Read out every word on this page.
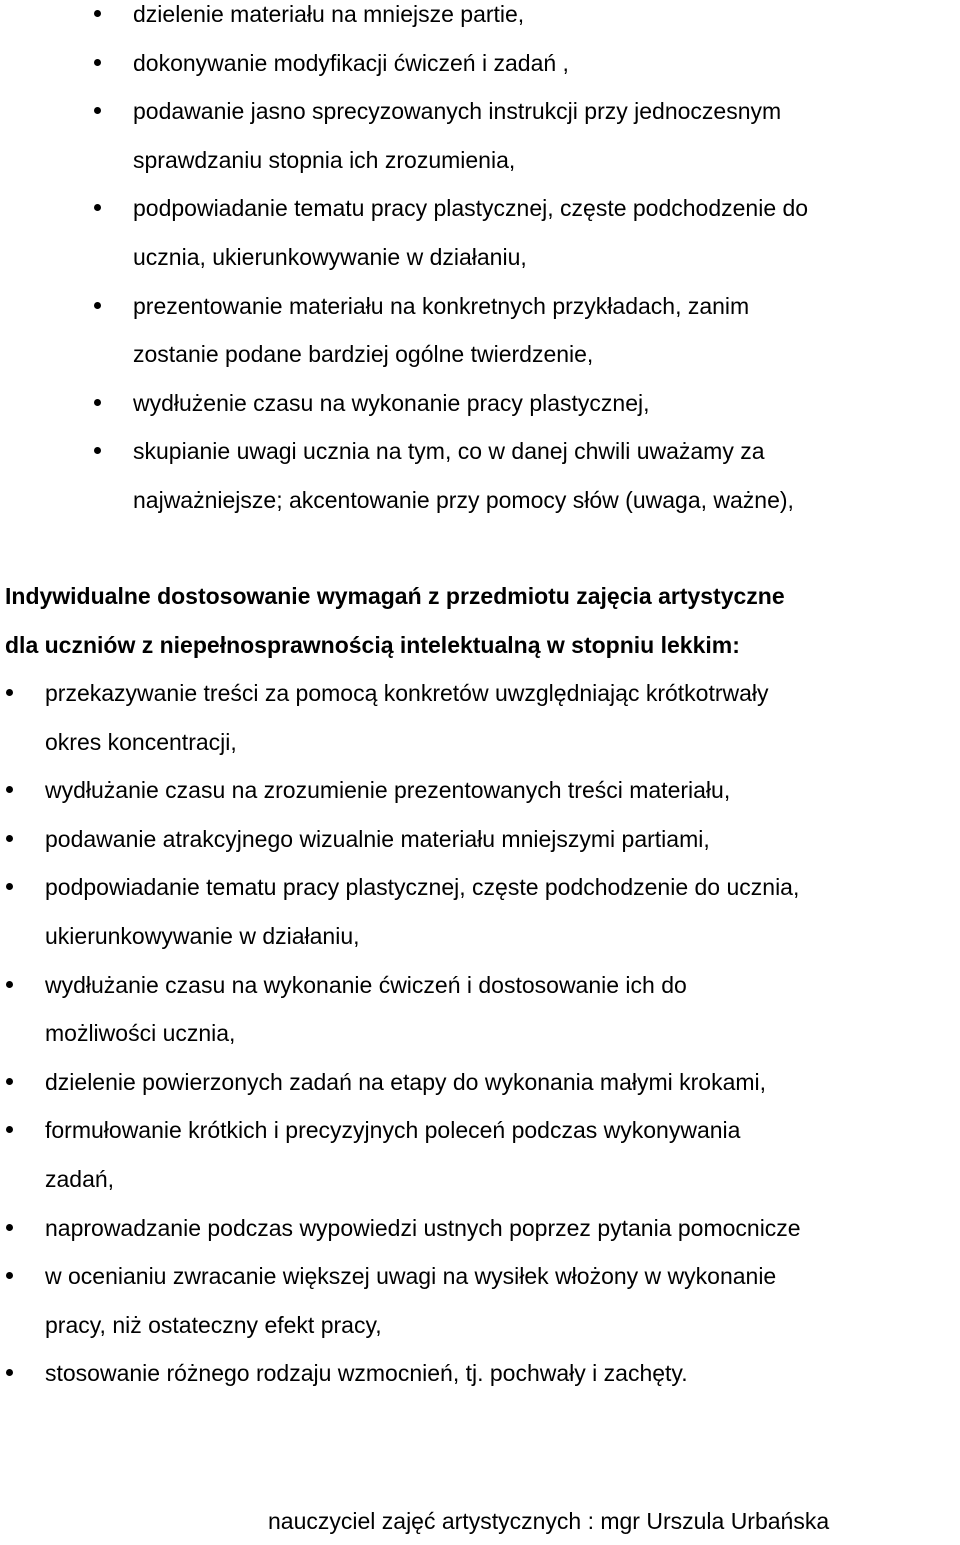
dzielenie materiału na mniejsze partie,
dokonywanie modyfikacji ćwiczeń i zadań ,
podawanie jasno sprecyzowanych instrukcji przy jednoczesnym
sprawdzaniu stopnia ich zrozumienia,
podpowiadanie tematu pracy plastycznej, częste podchodzenie do
ucznia, ukierunkowywanie w działaniu,
prezentowanie materiału na konkretnych przykładach, zanim
zostanie podane bardziej ogólne twierdzenie,
wydłużenie czasu na wykonanie pracy plastycznej,
skupianie uwagi ucznia na tym, co w danej chwili uważamy za
najważniejsze; akcentowanie przy pomocy słów (uwaga, ważne),
Indywidualne dostosowanie wymagań z przedmiotu zajęcia artystyczne
dla uczniów z niepełnosprawnością intelektualną w stopniu lekkim:
przekazywanie treści za pomocą konkretów uwzględniając krótkotrwały
okres koncentracji,
wydłużanie czasu na zrozumienie prezentowanych treści materiału,
podawanie atrakcyjnego wizualnie materiału mniejszymi partiami,
podpowiadanie tematu pracy plastycznej, częste podchodzenie do ucznia,
ukierunkowywanie w działaniu,
wydłużanie czasu na wykonanie ćwiczeń i dostosowanie ich do
możliwości ucznia,
dzielenie powierzonych zadań na etapy do wykonania małymi krokami,
formułowanie krótkich i precyzyjnych poleceń podczas wykonywania
zadań,
naprowadzanie podczas wypowiedzi ustnych poprzez pytania pomocnicze
w ocenianiu zwracanie większej uwagi na wysiłek włożony w wykonanie
pracy, niż ostateczny efekt pracy,
stosowanie różnego rodzaju wzmocnień, tj. pochwały i zachęty.
nauczyciel zajęć artystycznych : mgr Urszula Urbańska
